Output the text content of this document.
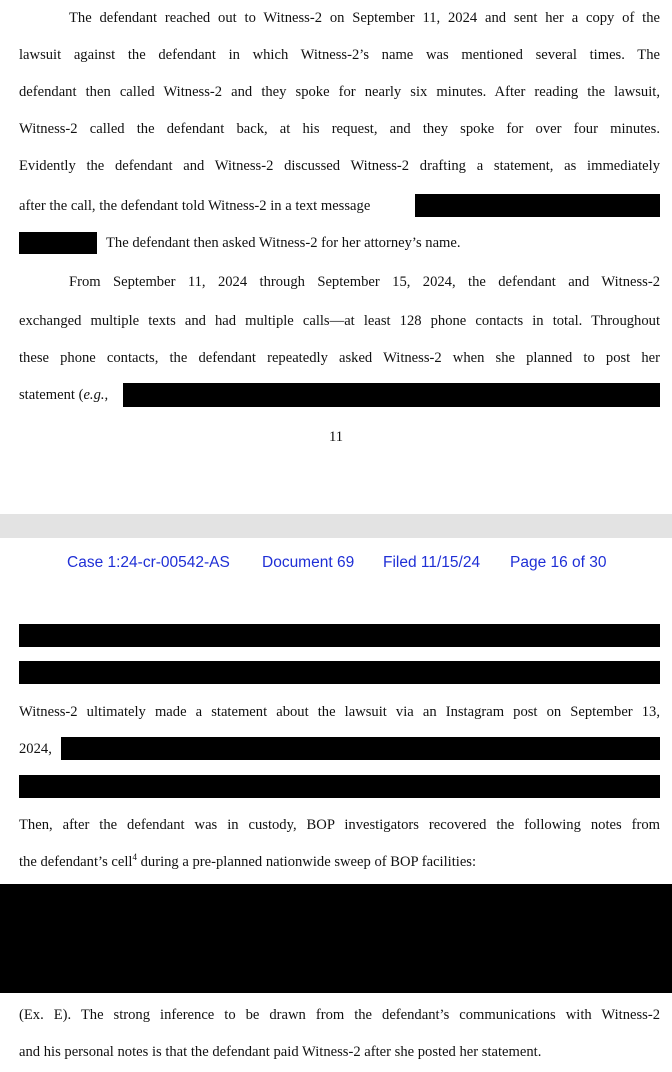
The defendant reached out to Witness-2 on September 11, 2024 and sent her a copy of the
lawsuit against the defendant in which Witness-2’s name was mentioned several times. The
defendant then called Witness-2 and they spoke for nearly six minutes. After reading the lawsuit,
Witness-2 called the defendant back, at his request, and they spoke for over four minutes.
Evidently the defendant and Witness-2 discussed Witness-2 drafting a statement, as immediately
after the call, the defendant told Witness-2 in a text message
The defendant then asked Witness-2 for her attorney’s name.
From September 11, 2024 through September 15, 2024, the defendant and Witness-2
exchanged multiple texts and had multiple calls—at least 128 phone contacts in total. Throughout
these phone contacts, the defendant repeatedly asked Witness-2 when she planned to post her
statement (e.g.,
11
Case 1:24-cr-00542-AS Document 69 Filed 11/15/24 Page 16 of 30
Witness-2 ultimately made a statement about the lawsuit via an Instagram post on September 13,
2024,
Then, after the defendant was in custody, BOP investigators recovered the following notes from
the defendant’s cell$^4$ during a pre-planned nationwide sweep of BOP facilities:
(Ex. E). The strong inference to be drawn from the defendant’s communications with Witness-2
and his personal notes is that the defendant paid Witness-2 after she posted her statement.
